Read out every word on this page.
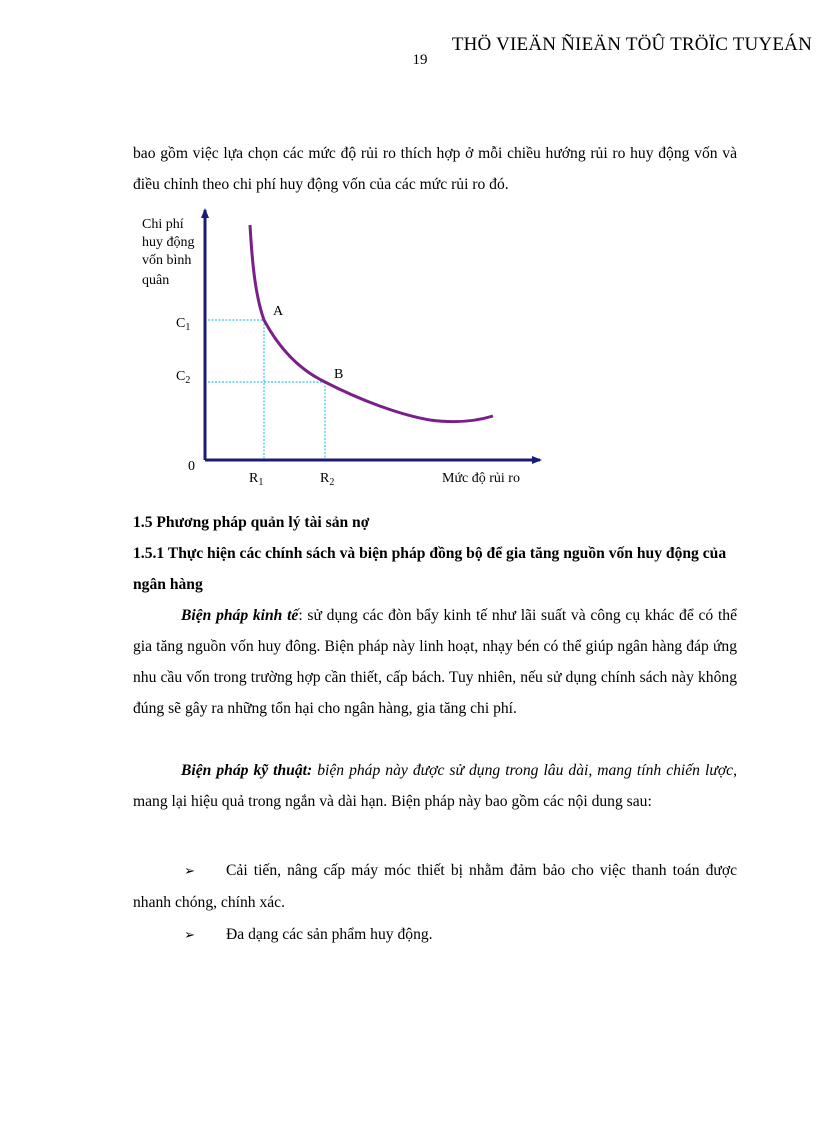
THÖ VIEÄN ÑIEÄN TÖÛ TRÖÏC TUYEÁN
19

bao gồm việc lựa chọn các mức độ rủi ro thích hợp ở mỗi chiều hướng rủi ro huy động vốn và điều chỉnh theo chi phí huy động vốn của các mức rủi ro đó.

Chi phí
huy động
vốn bình
quân
A
B
$C_1$
$C_2$
0
$R_1$	$R_2$	Mức độ rủi ro

1.5 Phương pháp quản lý tài sản nợ

1.5.1 Thực hiện các chính sách và biện pháp đồng bộ để gia tăng nguồn vốn huy động của ngân hàng

Biện pháp kinh tế: sử dụng các đòn bẩy kinh tế như lãi suất và công cụ khác để có thể gia tăng nguồn vốn huy đông. Biện pháp này linh hoạt, nhạy bén có thể giúp ngân hàng đáp ứng nhu cầu vốn trong trường hợp cần thiết, cấp bách. Tuy nhiên, nếu sử dụng chính sách này không đúng sẽ gây ra những tổn hại cho ngân hàng, gia tăng chi phí.

Biện pháp kỹ thuật: biện pháp này được sử dụng trong lâu dài, mang tính chiến lược, mang lại hiệu quả trong ngắn và dài hạn. Biện pháp này bao gồm các nội dung sau:

➢ Cải tiến, nâng cấp máy móc thiết bị nhằm đảm bảo cho việc thanh toán được nhanh chóng, chính xác.
➢ Đa dạng các sản phẩm huy động.
